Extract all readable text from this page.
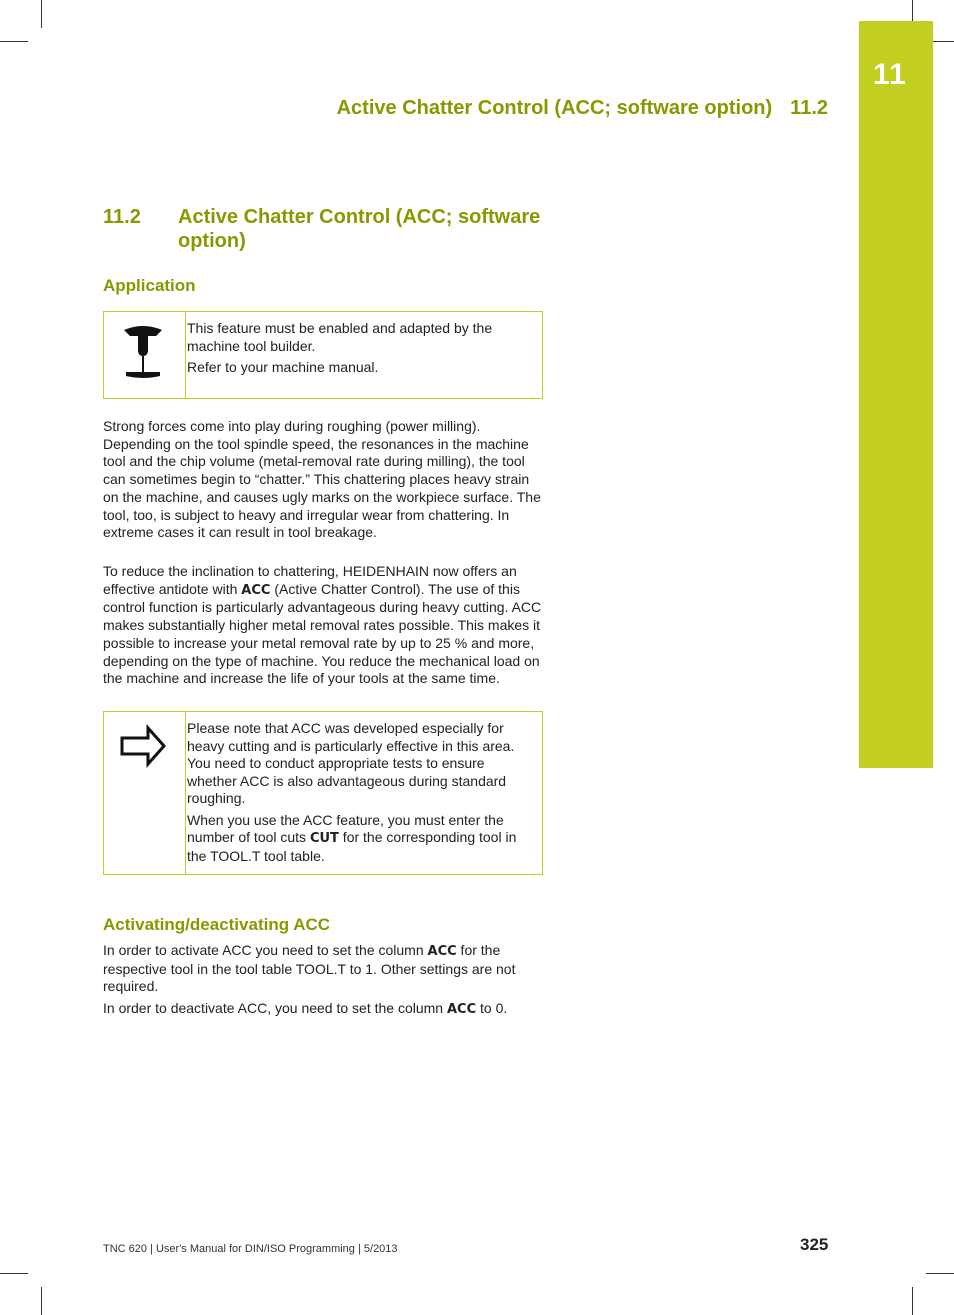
11
Active Chatter Control (ACC; software option) 11.2
11.2 Active Chatter Control (ACC; software option)
Application

This feature must be enabled and adapted by the machine tool builder.

Refer to your machine manual.

Strong forces come into play during roughing (power milling). Depending on the tool spindle speed, the resonances in the machine tool and the chip volume (metal-removal rate during milling), the tool can sometimes begin to “chatter.” This chattering places heavy strain on the machine, and causes ugly marks on the workpiece surface. The tool, too, is subject to heavy and irregular wear from chattering. In extreme cases it can result in tool breakage.

To reduce the inclination to chattering, HEIDENHAIN now offers an effective antidote with ACC (Active Chatter Control). The use of this control function is particularly advantageous during heavy cutting. ACC makes substantially higher metal removal rates possible. This makes it possible to increase your metal removal rate by up to 25 % and more, depending on the type of machine. You reduce the mechanical load on the machine and increase the life of your tools at the same time.

Please note that ACC was developed especially for heavy cutting and is particularly effective in this area. You need to conduct appropriate tests to ensure whether ACC is also advantageous during standard roughing.

When you use the ACC feature, you must enter the number of tool cuts CUT for the corresponding tool in the TOOL.T tool table.

Activating/deactivating ACC

In order to activate ACC you need to set the column ACC for the respective tool in the tool table TOOL.T to 1. Other settings are not required.

In order to deactivate ACC, you need to set the column ACC to 0.

TNC 620 | User's Manual for DIN/ISO Programming | 5/2013	325
